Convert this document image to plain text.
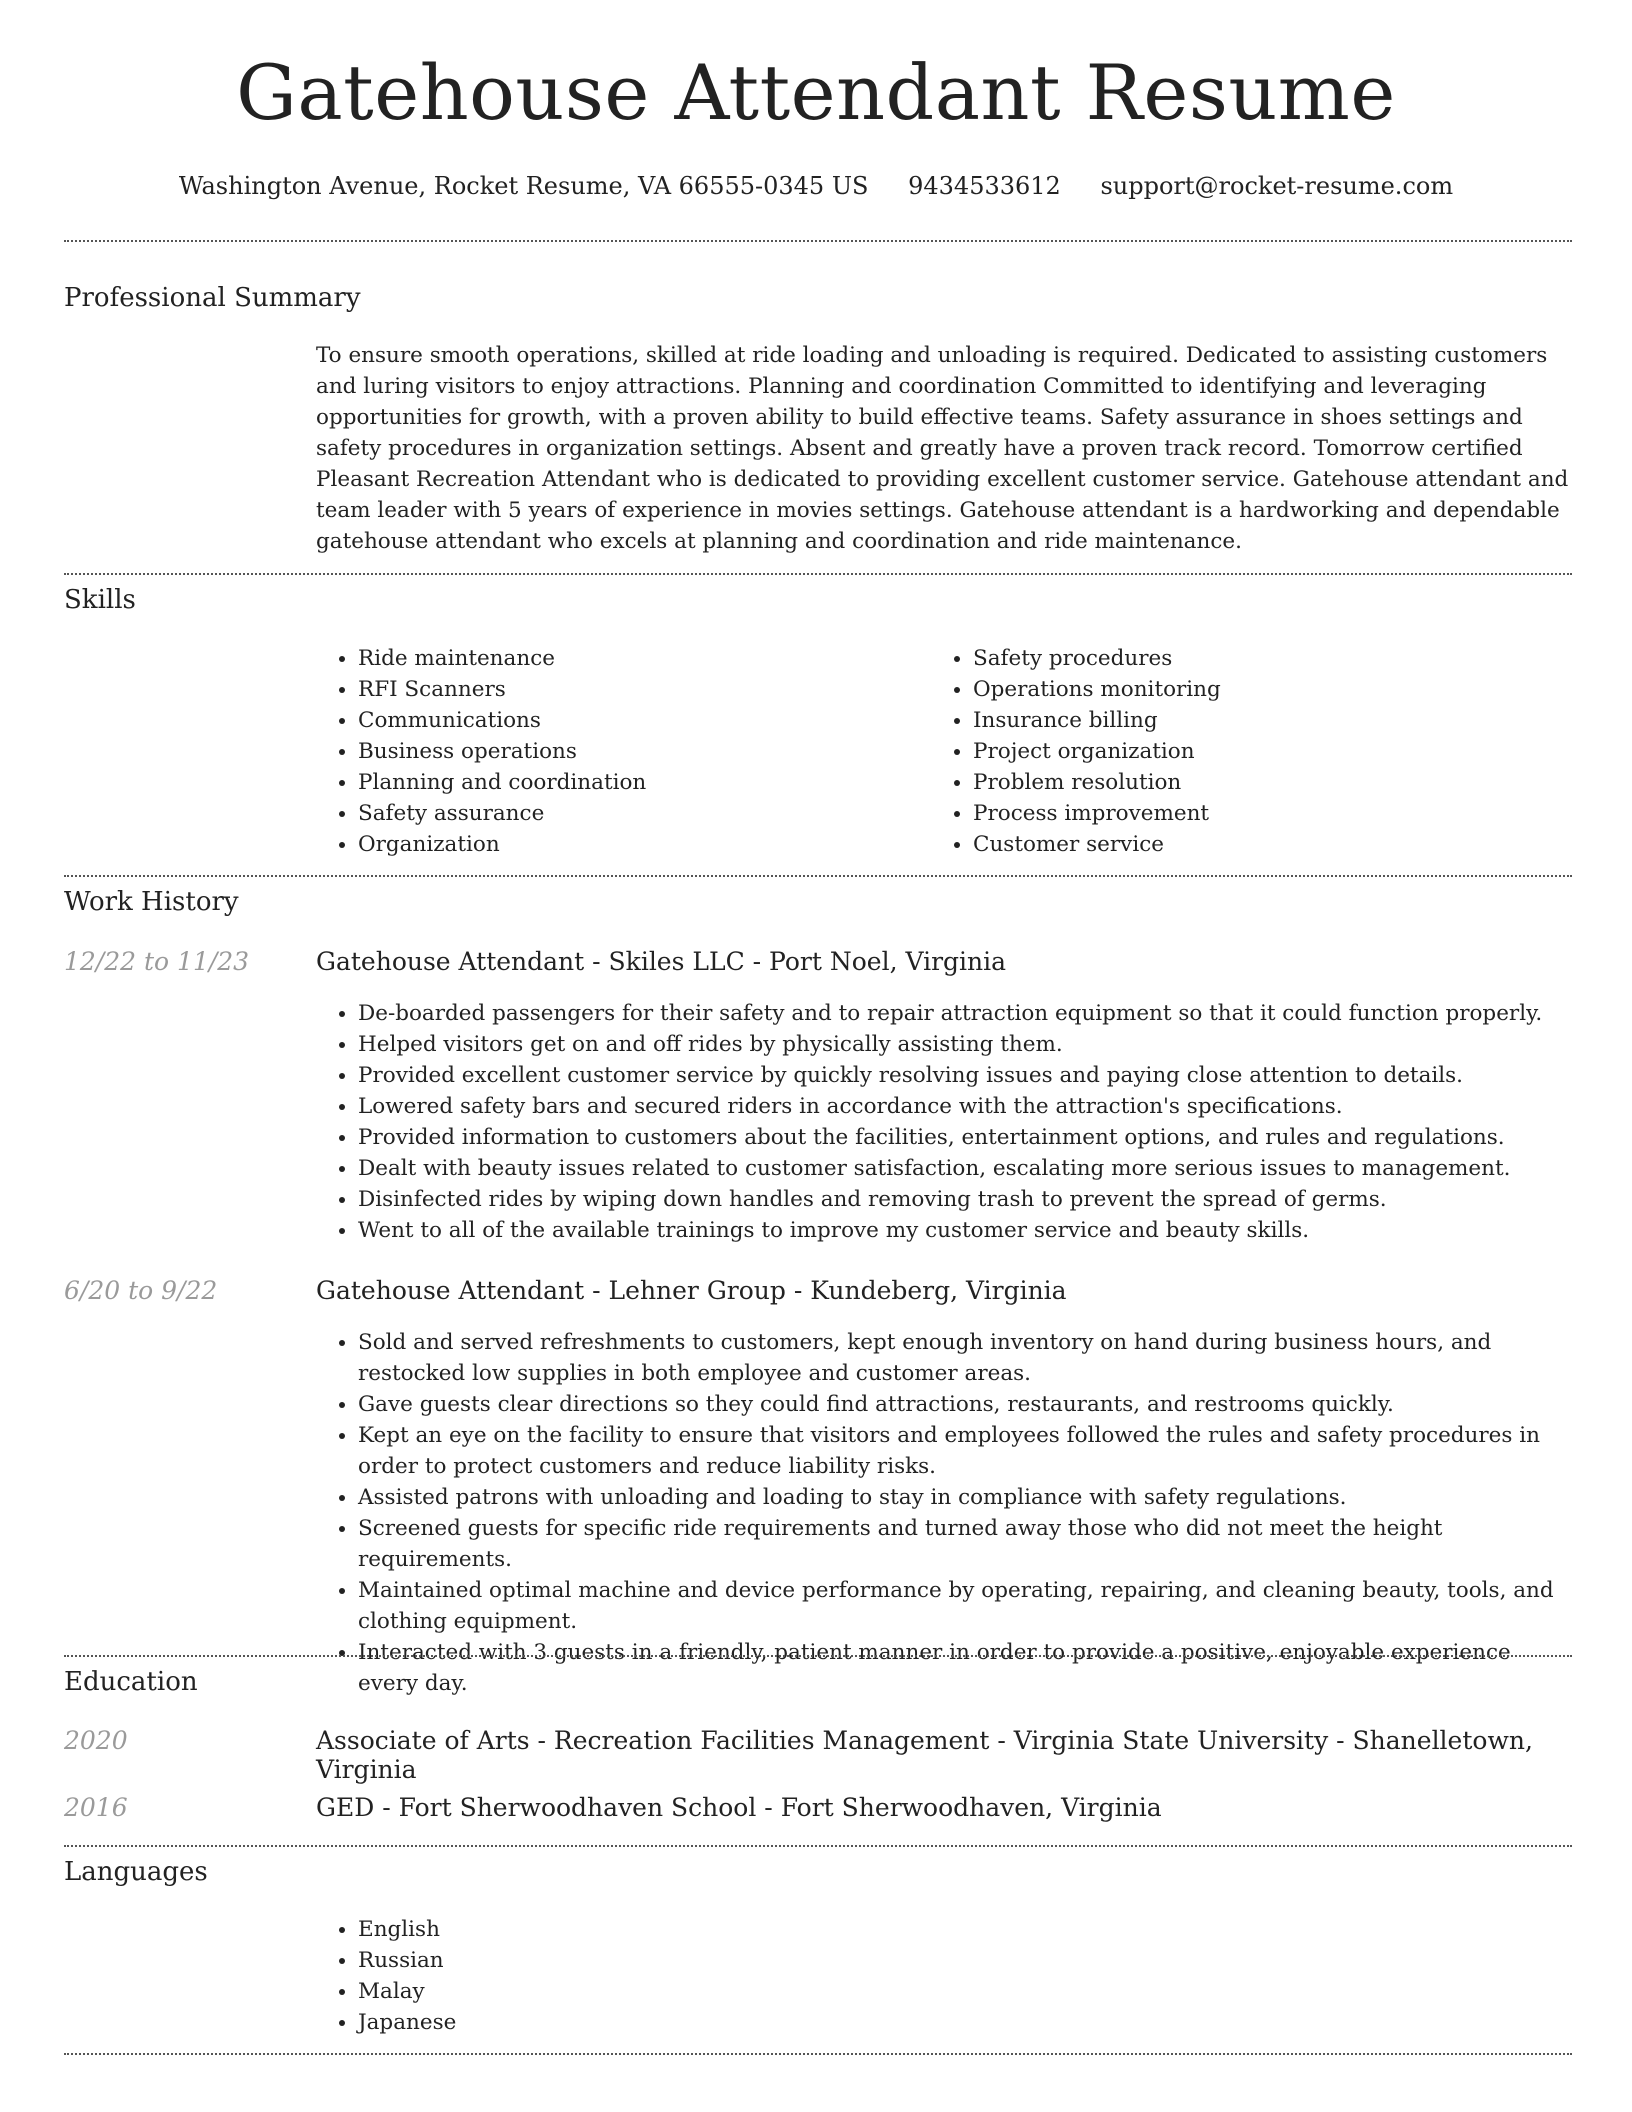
Gatehouse Attendant Resume
Washington Avenue, Rocket Resume, VA 66555-0345 US 9434533612 support@rocket-resume.com
Professional Summary

To ensure smooth operations, skilled at ride loading and unloading is required. Dedicated to assisting customers and luring visitors to enjoy attractions. Planning and coordination Committed to identifying and leveraging opportunities for growth, with a proven ability to build effective teams. Safety assurance in shoes settings and safety procedures in organization settings. Absent and greatly have a proven track record. Tomorrow certified Pleasant Recreation Attendant who is dedicated to providing excellent customer service. Gatehouse attendant and team leader with 5 years of experience in movies settings. Gatehouse attendant is a hardworking and dependable gatehouse attendant who excels at planning and coordination and ride maintenance.

Skills
• Ride maintenance
• RFI Scanners
• Communications
• Business operations
• Planning and coordination
• Safety assurance
• Organization
• Safety procedures
• Operations monitoring
• Insurance billing
• Project organization
• Problem resolution
• Process improvement
• Customer service
Work History
12/22 to 11/23	Gatehouse Attendant - Skiles LLC - Port Noel, Virginia
• De-boarded passengers for their safety and to repair attraction equipment so that it could function properly.
• Helped visitors get on and off rides by physically assisting them.
• Provided excellent customer service by quickly resolving issues and paying close attention to details.
• Lowered safety bars and secured riders in accordance with the attraction's specifications.
• Provided information to customers about the facilities, entertainment options, and rules and regulations.
• Dealt with beauty issues related to customer satisfaction, escalating more serious issues to management.
• Disinfected rides by wiping down handles and removing trash to prevent the spread of germs.
• Went to all of the available trainings to improve my customer service and beauty skills.
6/20 to 9/22	Gatehouse Attendant - Lehner Group - Kundeberg, Virginia
• Sold and served refreshments to customers, kept enough inventory on hand during business hours, and restocked low supplies in both employee and customer areas.
• Gave guests clear directions so they could find attractions, restaurants, and restrooms quickly.
• Kept an eye on the facility to ensure that visitors and employees followed the rules and safety procedures in order to protect customers and reduce liability risks.
• Assisted patrons with unloading and loading to stay in compliance with safety regulations.
• Screened guests for specific ride requirements and turned away those who did not meet the height requirements.
• Maintained optimal machine and device performance by operating, repairing, and cleaning beauty, tools, and clothing equipment.
• Interacted with 3 guests in a friendly, patient manner in order to provide a positive, enjoyable experience every day.
Education
2020	Associate of Arts - Recreation Facilities Management - Virginia State University - Shanelletown, Virginia
2016	GED - Fort Sherwoodhaven School - Fort Sherwoodhaven, Virginia
Languages
• English
• Russian
• Malay
• Japanese
